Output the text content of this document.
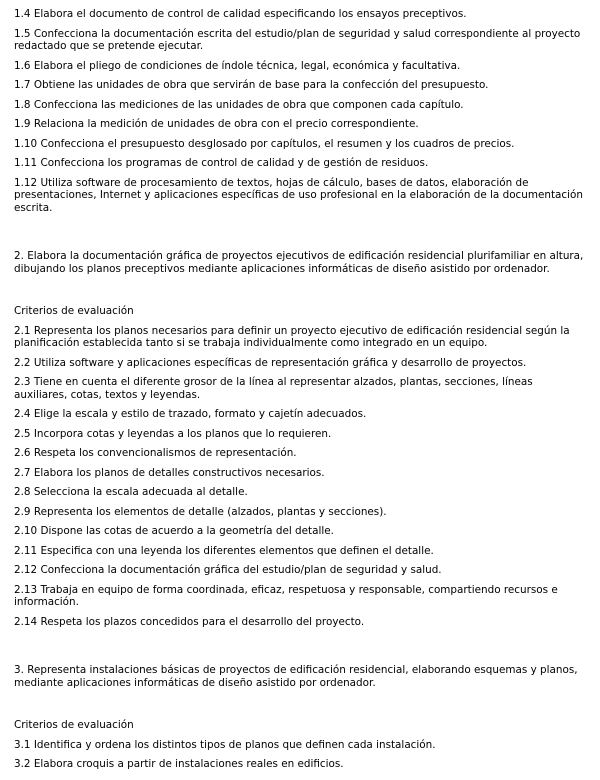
1.4 Elabora el documento de control de calidad especificando los ensayos preceptivos.

1.5 Confecciona la documentación escrita del estudio/plan de seguridad y salud correspondiente al proyecto redactado que se pretende ejecutar.

1.6 Elabora el pliego de condiciones de índole técnica, legal, económica y facultativa.

1.7 Obtiene las unidades de obra que servirán de base para la confección del presupuesto.

1.8 Confecciona las mediciones de las unidades de obra que componen cada capítulo.

1.9 Relaciona la medición de unidades de obra con el precio correspondiente.

1.10 Confecciona el presupuesto desglosado por capítulos, el resumen y los cuadros de precios.

1.11 Confecciona los programas de control de calidad y de gestión de residuos.

1.12 Utiliza software de procesamiento de textos, hojas de cálculo, bases de datos, elaboración de presentaciones, Internet y aplicaciones específicas de uso profesional en la elaboración de la documentación escrita.

2. Elabora la documentación gráfica de proyectos ejecutivos de edificación residencial plurifamiliar en altura, dibujando los planos preceptivos mediante aplicaciones informáticas de diseño asistido por ordenador.

Criterios de evaluación

2.1 Representa los planos necesarios para definir un proyecto ejecutivo de edificación residencial según la planificación establecida tanto si se trabaja individualmente como integrado en un equipo.

2.2 Utiliza software y aplicaciones específicas de representación gráfica y desarrollo de proyectos.

2.3 Tiene en cuenta el diferente grosor de la línea al representar alzados, plantas, secciones, líneas auxiliares, cotas, textos y leyendas.

2.4 Elige la escala y estilo de trazado, formato y cajetín adecuados.

2.5 Incorpora cotas y leyendas a los planos que lo requieren.

2.6 Respeta los convencionalismos de representación.

2.7 Elabora los planos de detalles constructivos necesarios.

2.8 Selecciona la escala adecuada al detalle.

2.9 Representa los elementos de detalle (alzados, plantas y secciones).

2.10 Dispone las cotas de acuerdo a la geometría del detalle.

2.11 Especifica con una leyenda los diferentes elementos que definen el detalle.

2.12 Confecciona la documentación gráfica del estudio/plan de seguridad y salud.

2.13 Trabaja en equipo de forma coordinada, eficaz, respetuosa y responsable, compartiendo recursos e información.

2.14 Respeta los plazos concedidos para el desarrollo del proyecto.

3. Representa instalaciones básicas de proyectos de edificación residencial, elaborando esquemas y planos, mediante aplicaciones informáticas de diseño asistido por ordenador.

Criterios de evaluación

3.1 Identifica y ordena los distintos tipos de planos que definen cada instalación.

3.2 Elabora croquis a partir de instalaciones reales en edificios.
